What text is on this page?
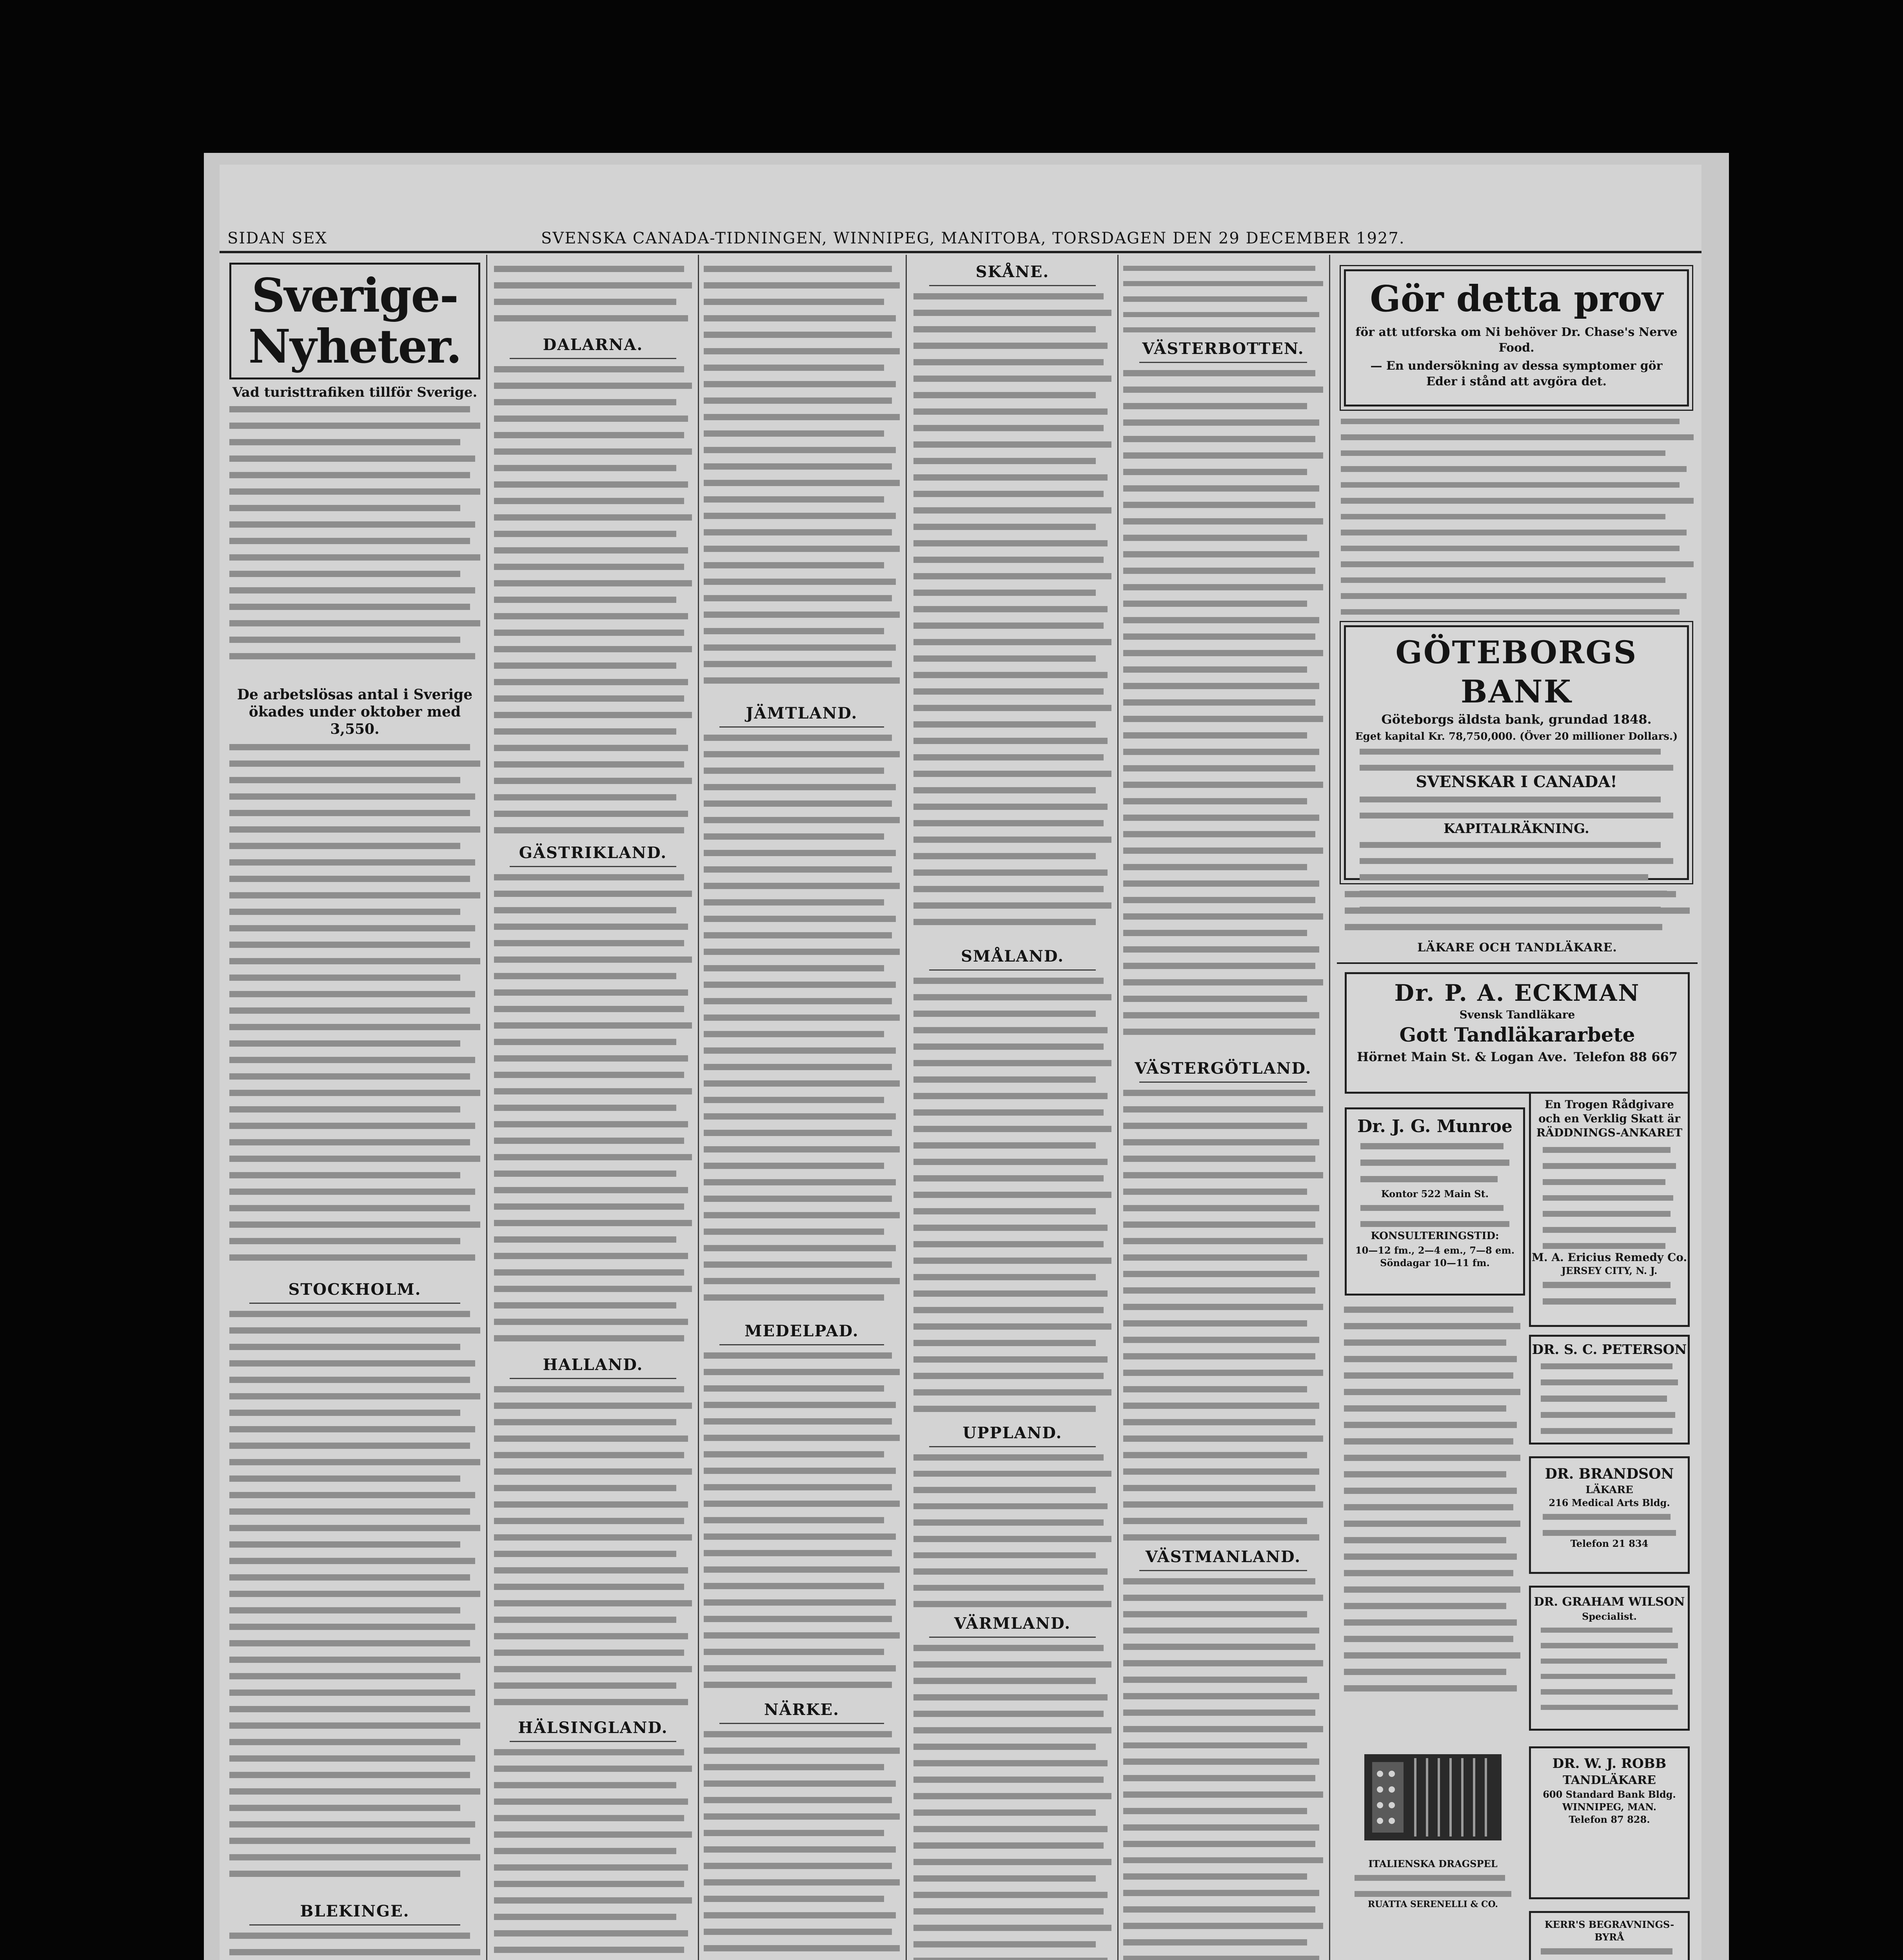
SIDAN SEX	SVENSKA CANADA-TIDNINGEN, WINNIPEG, MANITOBA, TORSDAGEN DEN 29 DECEMBER 1927.
Sverige-Nyheter.
Vad turisttrafiken tillför Sverige.
De arbetslösas antal i Sverige ökades under oktober med 3,550.
STOCKHOLM.
BLEKINGE.
DALARNA.
GÄSTRIKLAND.
HALLAND.
HÄLSINGLAND.
JÄMTLAND.
MEDELPAD.
NÄRKE.
SKÅNE.
SMÅLAND.
UPPLAND.
VÄRMLAND.
VÄSTERBOTTEN.
VÄSTERGÖTLAND.
VÄSTMANLAND.
Gör detta prov
för att utforska om Ni behöver Dr. Chase's Nerve Food.
— En undersökning av dessa symptomer gör Eder i stånd att avgöra det.
GÖTEBORGS BANK
Göteborgs äldsta bank, grundad 1848.
Eget kapital Kr. 78,750,000. (Över 20 millioner Dollars.)
SVENSKAR I CANADA!
KAPITALRÄKNING.
LÄKARE OCH TANDLÄKARE.
Dr. P. A. ECKMAN
Svensk Tandläkare
Gott Tandläkararbete
Hörnet Main St. & Logan Ave. Telefon 88 667
Dr. J. G. Munroe
Kontor 522 Main St.
KONSULTERINGSTID:
10—12 fm., 2—4 em., 7—8 em. Söndagar 10—11 fm.
En Trogen Rådgivare och en Verklig Skatt är RÄDDNINGS-ANKARET
M. A. Ericius Remedy Co.
JERSEY CITY, N. J.
DR. S. C. PETERSON
DR. BRANDSON
LÄKARE
216 Medical Arts Bldg.
Telefon 21 834
DR. GRAHAM WILSON
Specialist.
ITALIENSKA DRAGSPEL
RUATTA SERENELLI & CO.
DR. W. J. ROBB
TANDLÄKARE
600 Standard Bank Bldg.
WINNIPEG, MAN.
Telefon 87 828.
KERR'S BEGRAVNINGS-BYRÅ
